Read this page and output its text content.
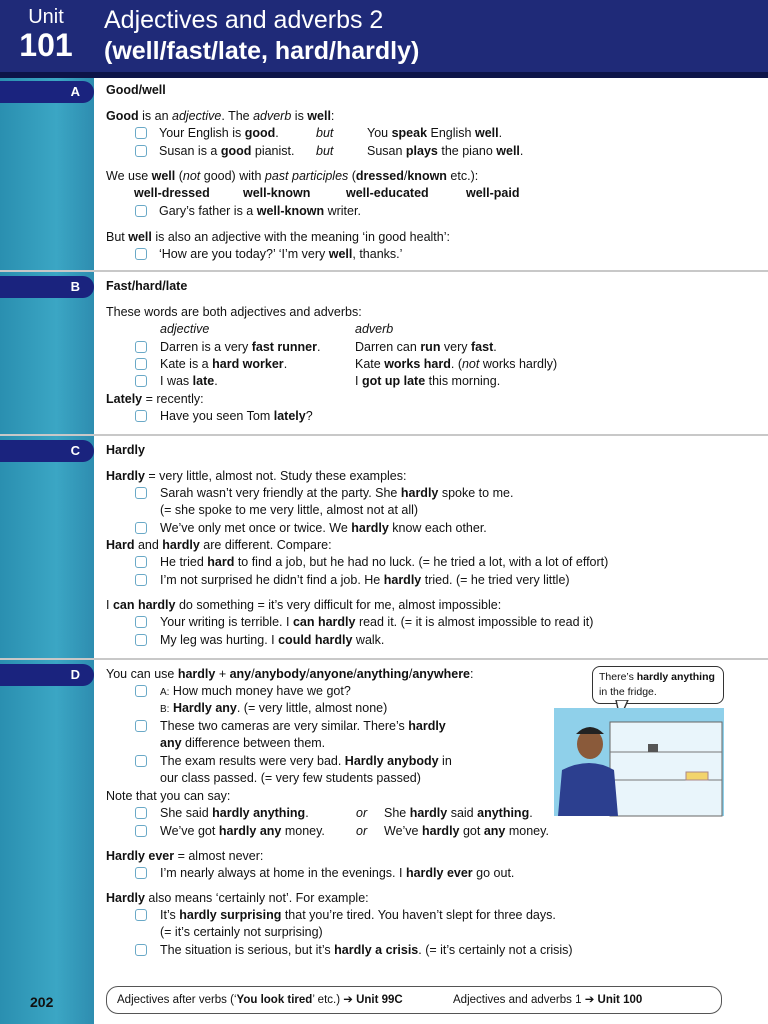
Unit
101
Adjectives and adverbs 2
(well/fast/late, hard/hardly)
A
B
C
D
Good/well
Good is an adjective. The adverb is well:
Your English is good.	but	You speak English well.
Susan is a good pianist. but	Susan plays the piano well.
We use well (not good) with past participles (dressed/known etc.):
well-dressed	well-known	well-educated	well-paid
Gary’s father is a well-known writer.
But well is also an adjective with the meaning ‘in good health’:
‘How are you today?’ ‘I’m very well, thanks.’
Fast/hard/late
These words are both adjectives and adverbs:
adjective	adverb
Darren is a very fast runner.	Darren can run very fast.
Kate is a hard worker.	Kate works hard. (not works hardly)
I was late.	I got up late this morning.
Lately = recently:
Have you seen Tom lately?
Hardly
Hardly = very little, almost not. Study these examples:
Sarah wasn’t very friendly at the party. She hardly spoke to me.
(= she spoke to me very little, almost not at all)
We’ve only met once or twice. We hardly know each other.
Hard and hardly are different. Compare:
He tried hard to find a job, but he had no luck. (= he tried a lot, with a lot of effort)
I’m not surprised he didn’t find a job. He hardly tried. (= he tried very little)
I can hardly do something = it’s very difficult for me, almost impossible:
Your writing is terrible. I can hardly read it. (= it is almost impossible to read it)
My leg was hurting. I could hardly walk.
You can use hardly + any/anybody/anyone/anything/anywhere:
A: How much money have we got?
B: Hardly any. (= very little, almost none)
These two cameras are very similar. There’s hardly
any difference between them.
The exam results were very bad. Hardly anybody in
our class passed. (= very few students passed)
Note that you can say:
She said hardly anything.	or She hardly said anything.
We’ve got hardly any money. or We’ve hardly got any money.
Hardly ever = almost never:
I’m nearly always at home in the evenings. I hardly ever go out.
Hardly also means ‘certainly not’. For example:
It’s hardly surprising that you’re tired. You haven’t slept for three days.
(= it’s certainly not surprising)
The situation is serious, but it’s hardly a crisis. (= it’s certainly not a crisis)
There’s hardly anything
in the fridge.
202	Adjectives after verbs (‘You look tired’ etc.) ➔ Unit 99C	Adjectives and adverbs 1 ➔ Unit 100
